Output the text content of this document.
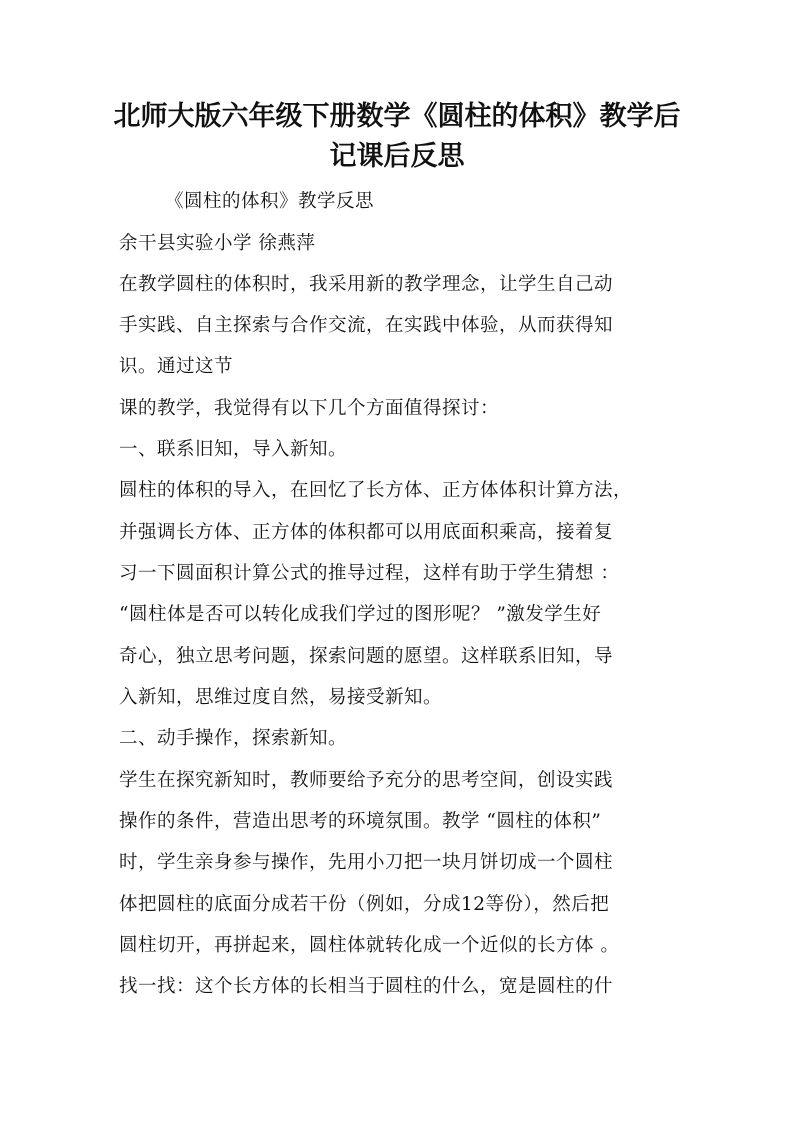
北师大版六年级下册数学《圆柱的体积》教学后
记课后反思
《圆柱的体积》教学反思
余干县实验小学 徐燕萍
在教学圆柱的体积时，我采用新的教学理念，让学生自己动
手实践、自主探索与合作交流，在实践中体验，从而获得知
识。通过这节
课的教学，我觉得有以下几个方面值得探讨：
一、联系旧知，导入新知。
圆柱的体积的导入，在回忆了长方体、正方体体积计算方法，
并强调长方体、正方体的体积都可以用底面积乘高，接着复
习一下圆面积计算公式的推导过程，这样有助于学生猜想 ：
“圆柱体是否可以转化成我们学过的图形呢？ ”激发学生好
奇心，独立思考问题，探索问题的愿望。这样联系旧知，导
入新知，思维过度自然，易接受新知。
二、动手操作，探索新知。
学生在探究新知时，教师要给予充分的思考空间，创设实践
操作的条件，营造出思考的环境氛围。教学 “圆柱的体积”
时，学生亲身参与操作，先用小刀把一块月饼切成一个圆柱
体把圆柱的底面分成若干份（例如，分成12等份），然后把
圆柱切开，再拼起来，圆柱体就转化成一个近似的长方体 。
找一找：这个长方体的长相当于圆柱的什么，宽是圆柱的什
